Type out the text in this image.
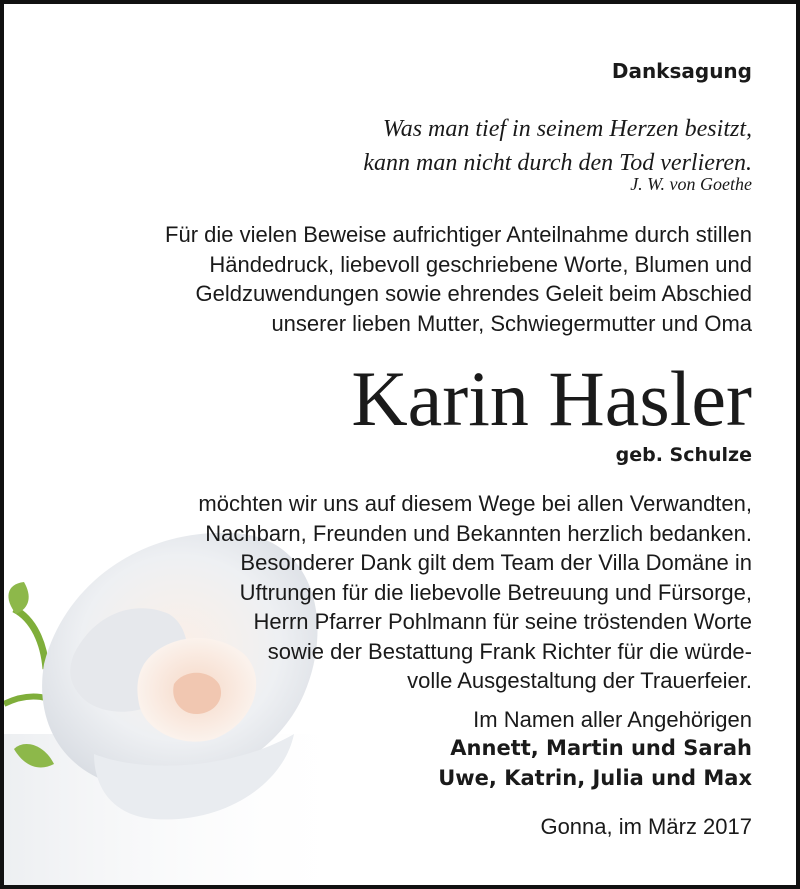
Danksagung
Was man tief in seinem Herzen besitzt,
kann man nicht durch den Tod verlieren.
J. W. von Goethe
Für die vielen Beweise aufrichtiger Anteilnahme durch stillen
Händedruck, liebevoll geschriebene Worte, Blumen und
Geldzuwendungen sowie ehrendes Geleit beim Abschied
unserer lieben Mutter, Schwiegermutter und Oma
Karin Hasler
geb. Schulze
möchten wir uns auf diesem Wege bei allen Verwandten,
Nachbarn, Freunden und Bekannten herzlich bedanken.
Besonderer Dank gilt dem Team der Villa Domäne in
Uftrungen für die liebevolle Betreuung und Fürsorge,
Herrn Pfarrer Pohlmann für seine tröstenden Worte
sowie der Bestattung Frank Richter für die würde-
volle Ausgestaltung der Trauerfeier.
Im Namen aller Angehörigen
Annett, Martin und Sarah
Uwe, Katrin, Julia und Max
Gonna, im März 2017
